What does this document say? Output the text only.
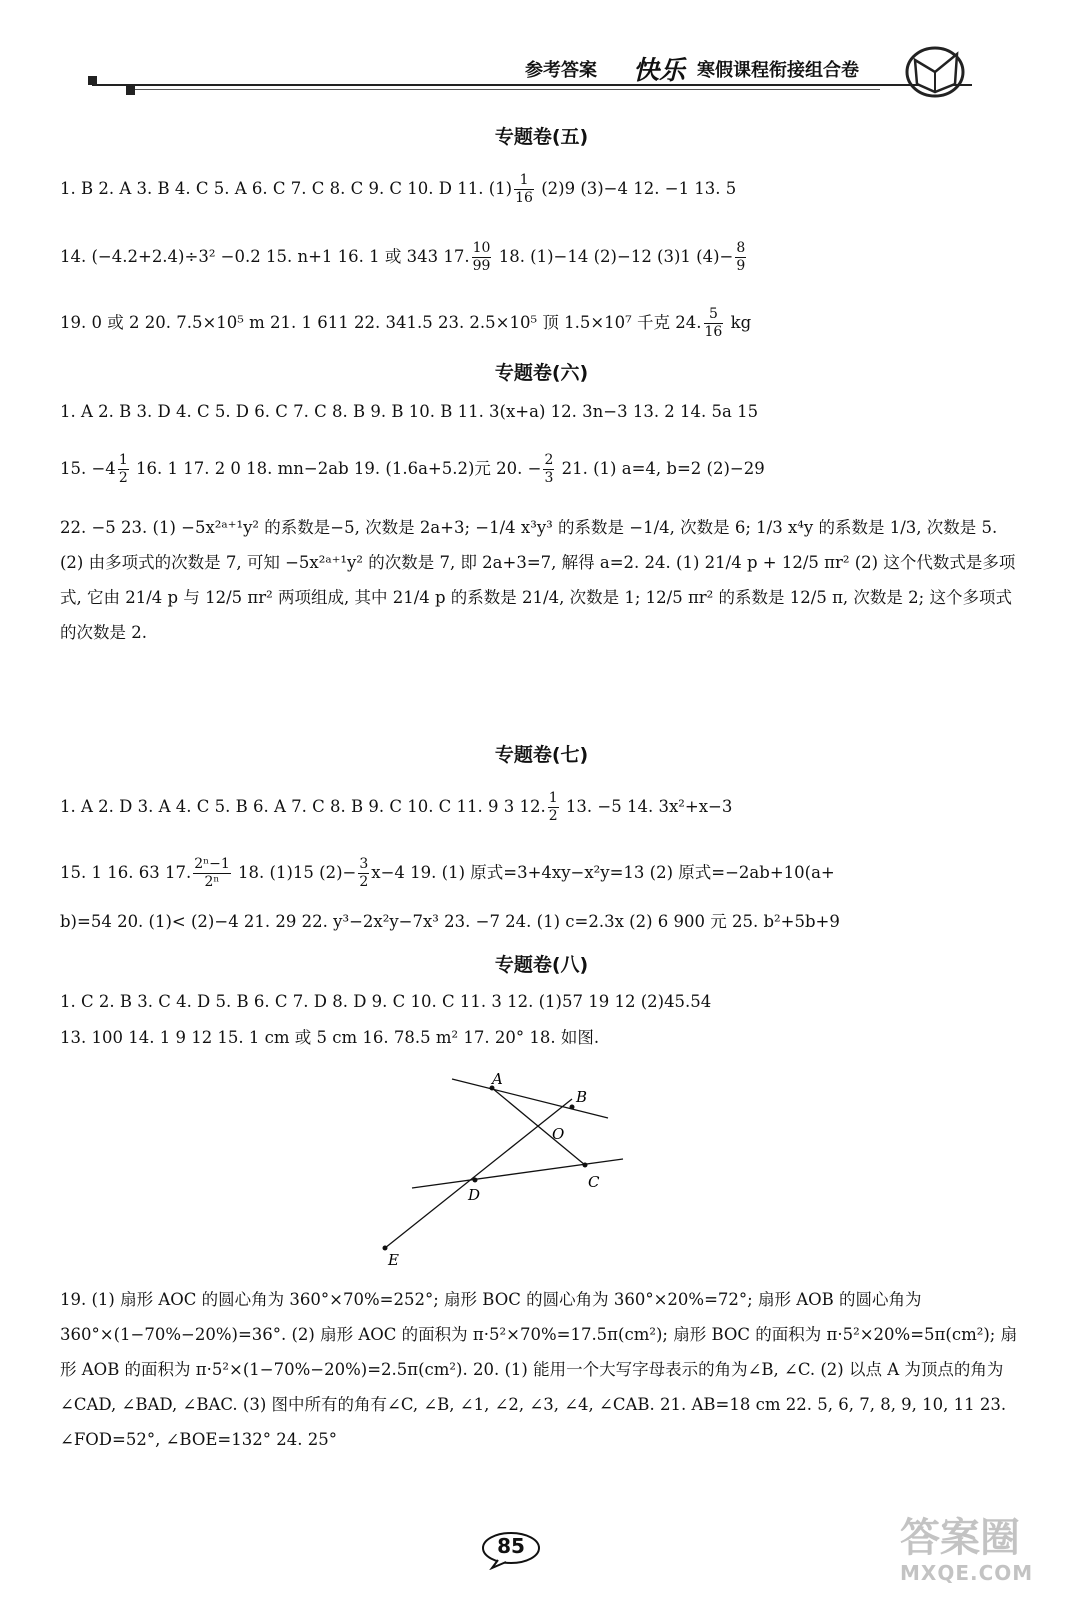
参考答案 快乐 寒假课程衔接组合卷
专题卷(五)
1. B 2. A 3. B 4. C 5. A 6. C 7. C 8. C 9. C 10. D 11. $(1) \frac{1}{16} (2)9$ (3)−4 12. −1 13. 5
14. (−4.2+2.4)÷3² −0.2 15. n+1 16. 1 或 343 17. $\frac{10}{99} 18$. (1)−14 (2)−12 (3)1 $(4)- \frac{8}{9}$
19. 0 或 2 20. 7.5×10⁵ m 21. 1 611 22. 341.5 23. 2.5×10⁵ 顶 1.5×10⁷ 千克 24. $\frac{5}{16}$ kg
专题卷(六)
1. A 2. B 3. D 4. C 5. D 6. C 7. C 8. B 9. B 10. B 11. 3(x+a) 12. 3n−3 13. 2 14. 5a 15
15. $-4 \frac{1}{2} 16$. 1 17. 2 0 18. mn−2ab 19. (1.6a+5.2)元 20. − $\frac{2}{3} 21$. (1) a=4, b=2 (2)−29
22. −5 23. (1) −5x²ᵃ⁺¹y² 的系数是−5, 次数是 2a+3; −1/4 x³y³ 的系数是 −1/4, 次数是 6; 1/3 x⁴y 的系数是 1/3, 次数是 5. (2) 由多项式的次数是 7, 可知 −5x²ᵃ⁺¹y² 的次数是 7, 即 2a+3=7, 解得 a=2. 24. (1) 21/4 p + 12/5 πr² (2) 这个代数式是多项式, 它由 21/4 p 与 12/5 πr² 两项组成, 其中 21/4 p 的系数是 21/4, 次数是 1; 12/5 πr² 的系数是 12/5 π, 次数是 2; 这个多项式的次数是 2.
专题卷(七)
1. A 2. D 3. A 4. C 5. B 6. A 7. C 8. B 9. C 10. C 11. 9 3 12. $\frac{1}{2} 13$. −5 14. 3x²+x−3
15. 1 16. 63 17. $\frac{\text{2ⁿ−1}}{\text{2ⁿ}} 18$. (1)15 $(2)- \frac{3}{2} x-4$ 19. (1) 原式=3+4xy−x²y=13 (2) 原式=−2ab+10(a+
b)=54 20. (1)< (2)−4 21. 29 22. y³−2x²y−7x³ 23. −7 24. (1) c=2.3x (2) 6 900 元 25. b²+5b+9
专题卷(八)
1. C 2. B 3. C 4. D 5. B 6. C 7. D 8. D 9. C 10. C 11. 3 12. (1)57 19 12 (2)45.54
13. 100 14. 1 9 12 15. 1 cm 或 5 cm 16. 78.5 m² 17. 20° 18. 如图.
A
B
O
C
D
E
19. (1) 扇形 AOC 的圆心角为 360°×70%=252°; 扇形 BOC 的圆心角为 360°×20%=72°; 扇形 AOB 的圆心角为 360°×(1−70%−20%)=36°. (2) 扇形 AOC 的面积为 π·5²×70%=17.5π(cm²); 扇形 BOC 的面积为 π·5²×20%=5π(cm²); 扇形 AOB 的面积为 π·5²×(1−70%−20%)=2.5π(cm²). 20. (1) 能用一个大写字母表示的角为∠B, ∠C. (2) 以点 A 为顶点的角为∠CAD, ∠BAD, ∠BAC. (3) 图中所有的角有∠C, ∠B, ∠1, ∠2, ∠3, ∠4, ∠CAB. 21. AB=18 cm 22. 5, 6, 7, 8, 9, 10, 11 23. ∠FOD=52°, ∠BOE=132° 24. 25°
85	答案圈
MXQE.COM
